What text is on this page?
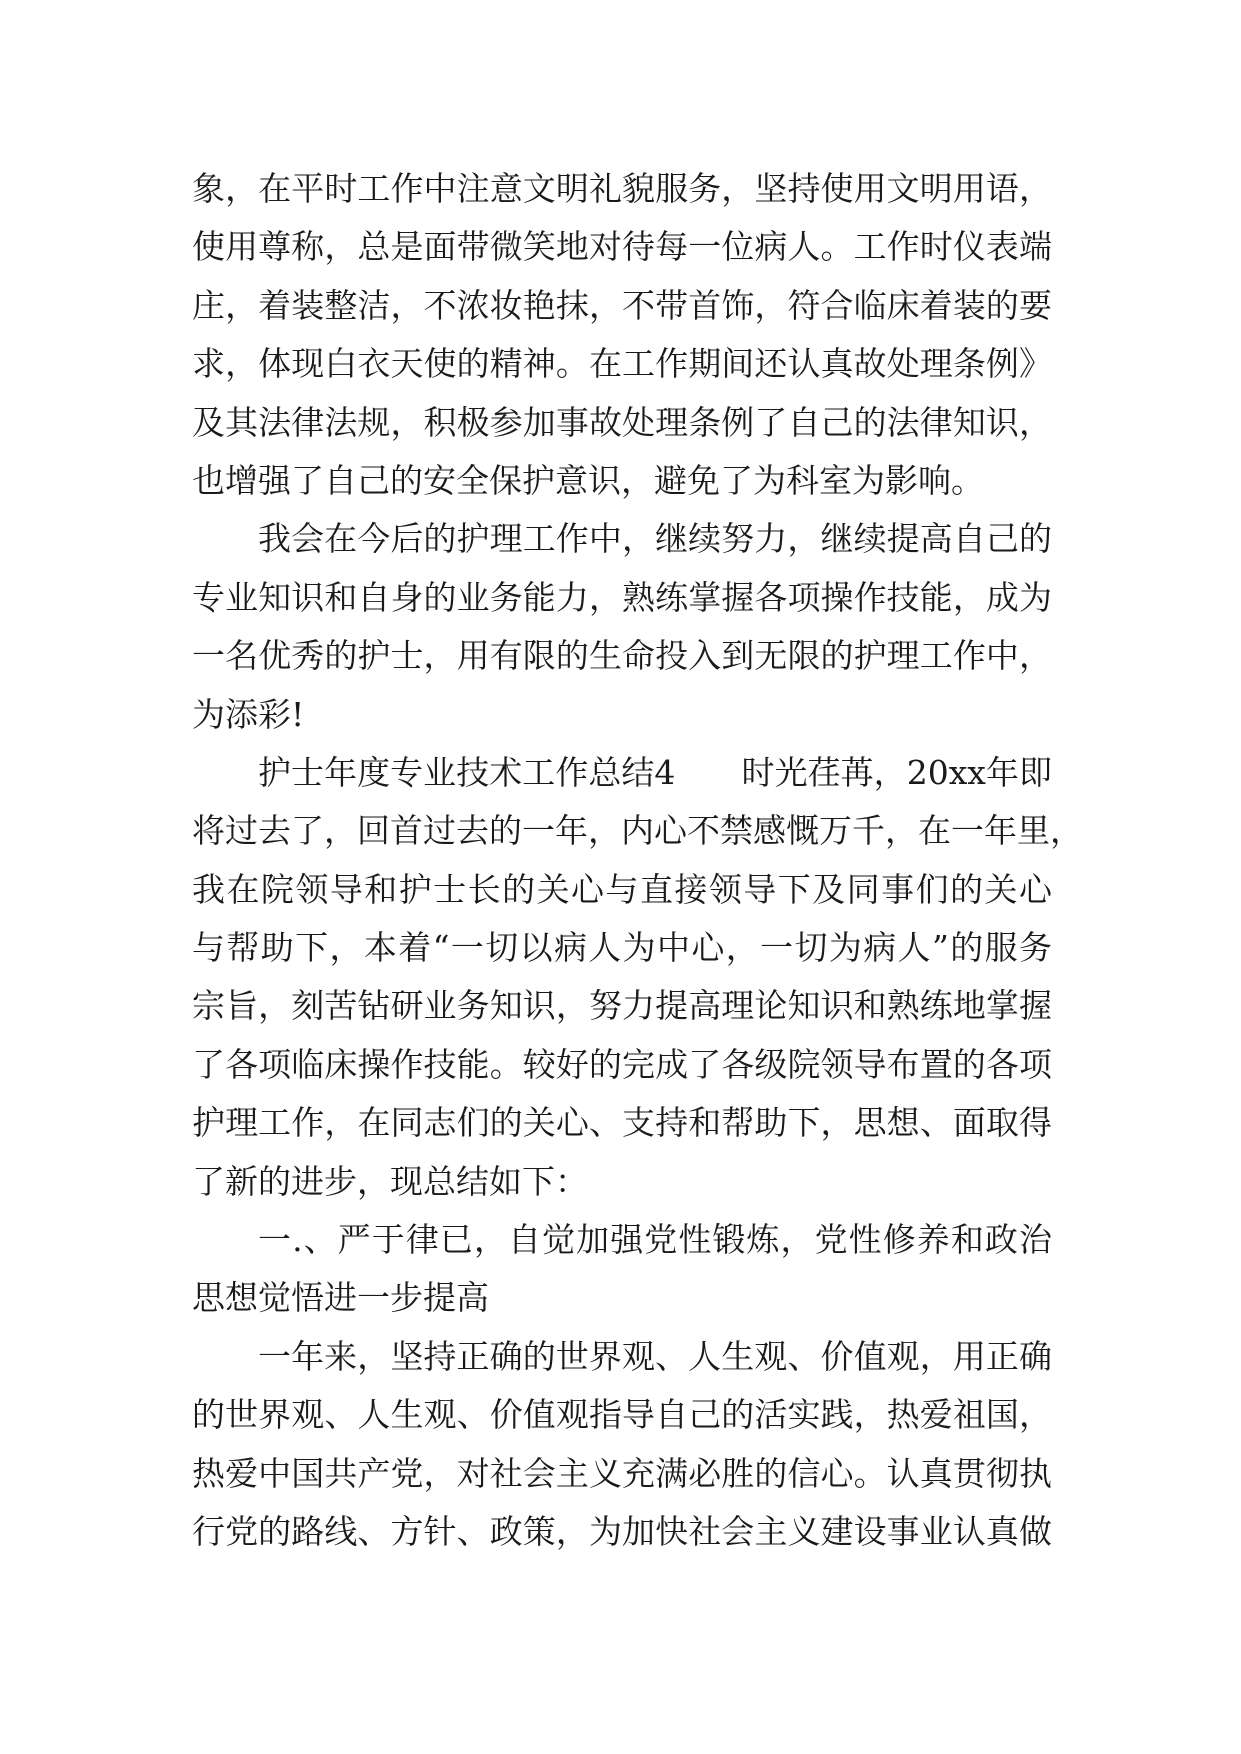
象，在平时工作中注意文明礼貌服务，坚持使用文明用语，
使用尊称，总是面带微笑地对待每一位病人。工作时仪表端
庄，着装整洁，不浓妆艳抹，不带首饰，符合临床着装的要
求，体现白衣天使的精神。在工作期间还认真故处理条例》
及其法律法规，积极参加事故处理条例了自己的法律知识，
也增强了自己的安全保护意识，避免了为科室为影响。
我会在今后的护理工作中，继续努力，继续提高自己的
专业知识和自身的业务能力，熟练掌握各项操作技能，成为
一名优秀的护士，用有限的生命投入到无限的护理工作中，
为添彩!
护士年度专业技术工作总结4　　时光荏苒，20xx年即
将过去了，回首过去的一年，内心不禁感慨万千，在一年里，
我在院领导和护士长的关心与直接领导下及同事们的关心
与帮助下，本着“一切以病人为中心，一切为病人”的服务
宗旨，刻苦钻研业务知识，努力提高理论知识和熟练地掌握
了各项临床操作技能。较好的完成了各级院领导布置的各项
护理工作，在同志们的关心、支持和帮助下，思想、面取得
了新的进步，现总结如下：
一.、严于律已，自觉加强党性锻炼，党性修养和政治
思想觉悟进一步提高
一年来，坚持正确的世界观、人生观、价值观，用正确
的世界观、人生观、价值观指导自己的活实践，热爱祖国，
热爱中国共产党，对社会主义充满必胜的信心。认真贯彻执
行党的路线、方针、政策，为加快社会主义建设事业认真做
